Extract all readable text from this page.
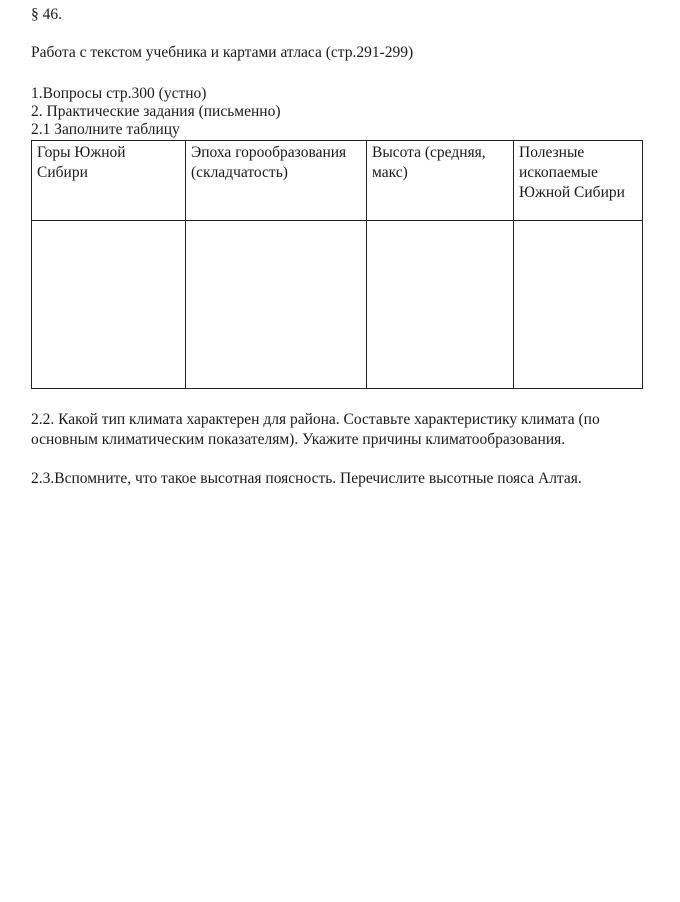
§ 46.
Работа с текстом учебника и картами атласа (стр.291-299)
1.Вопросы стр.300 (устно)
2. Практические задания (письменно)
2.1 Заполните таблицу
Горы Южной Сибири	Эпоха горообразования (складчатость)	Высота (средняя, макс)	Полезные ископаемые Южной Сибири

2.2. Какой тип климата характерен для района. Составьте характеристику климата (по основным климатическим показателям). Укажите причины климатообразования.
2.3.Вспомните, что такое высотная поясность. Перечислите высотные пояса Алтая.
